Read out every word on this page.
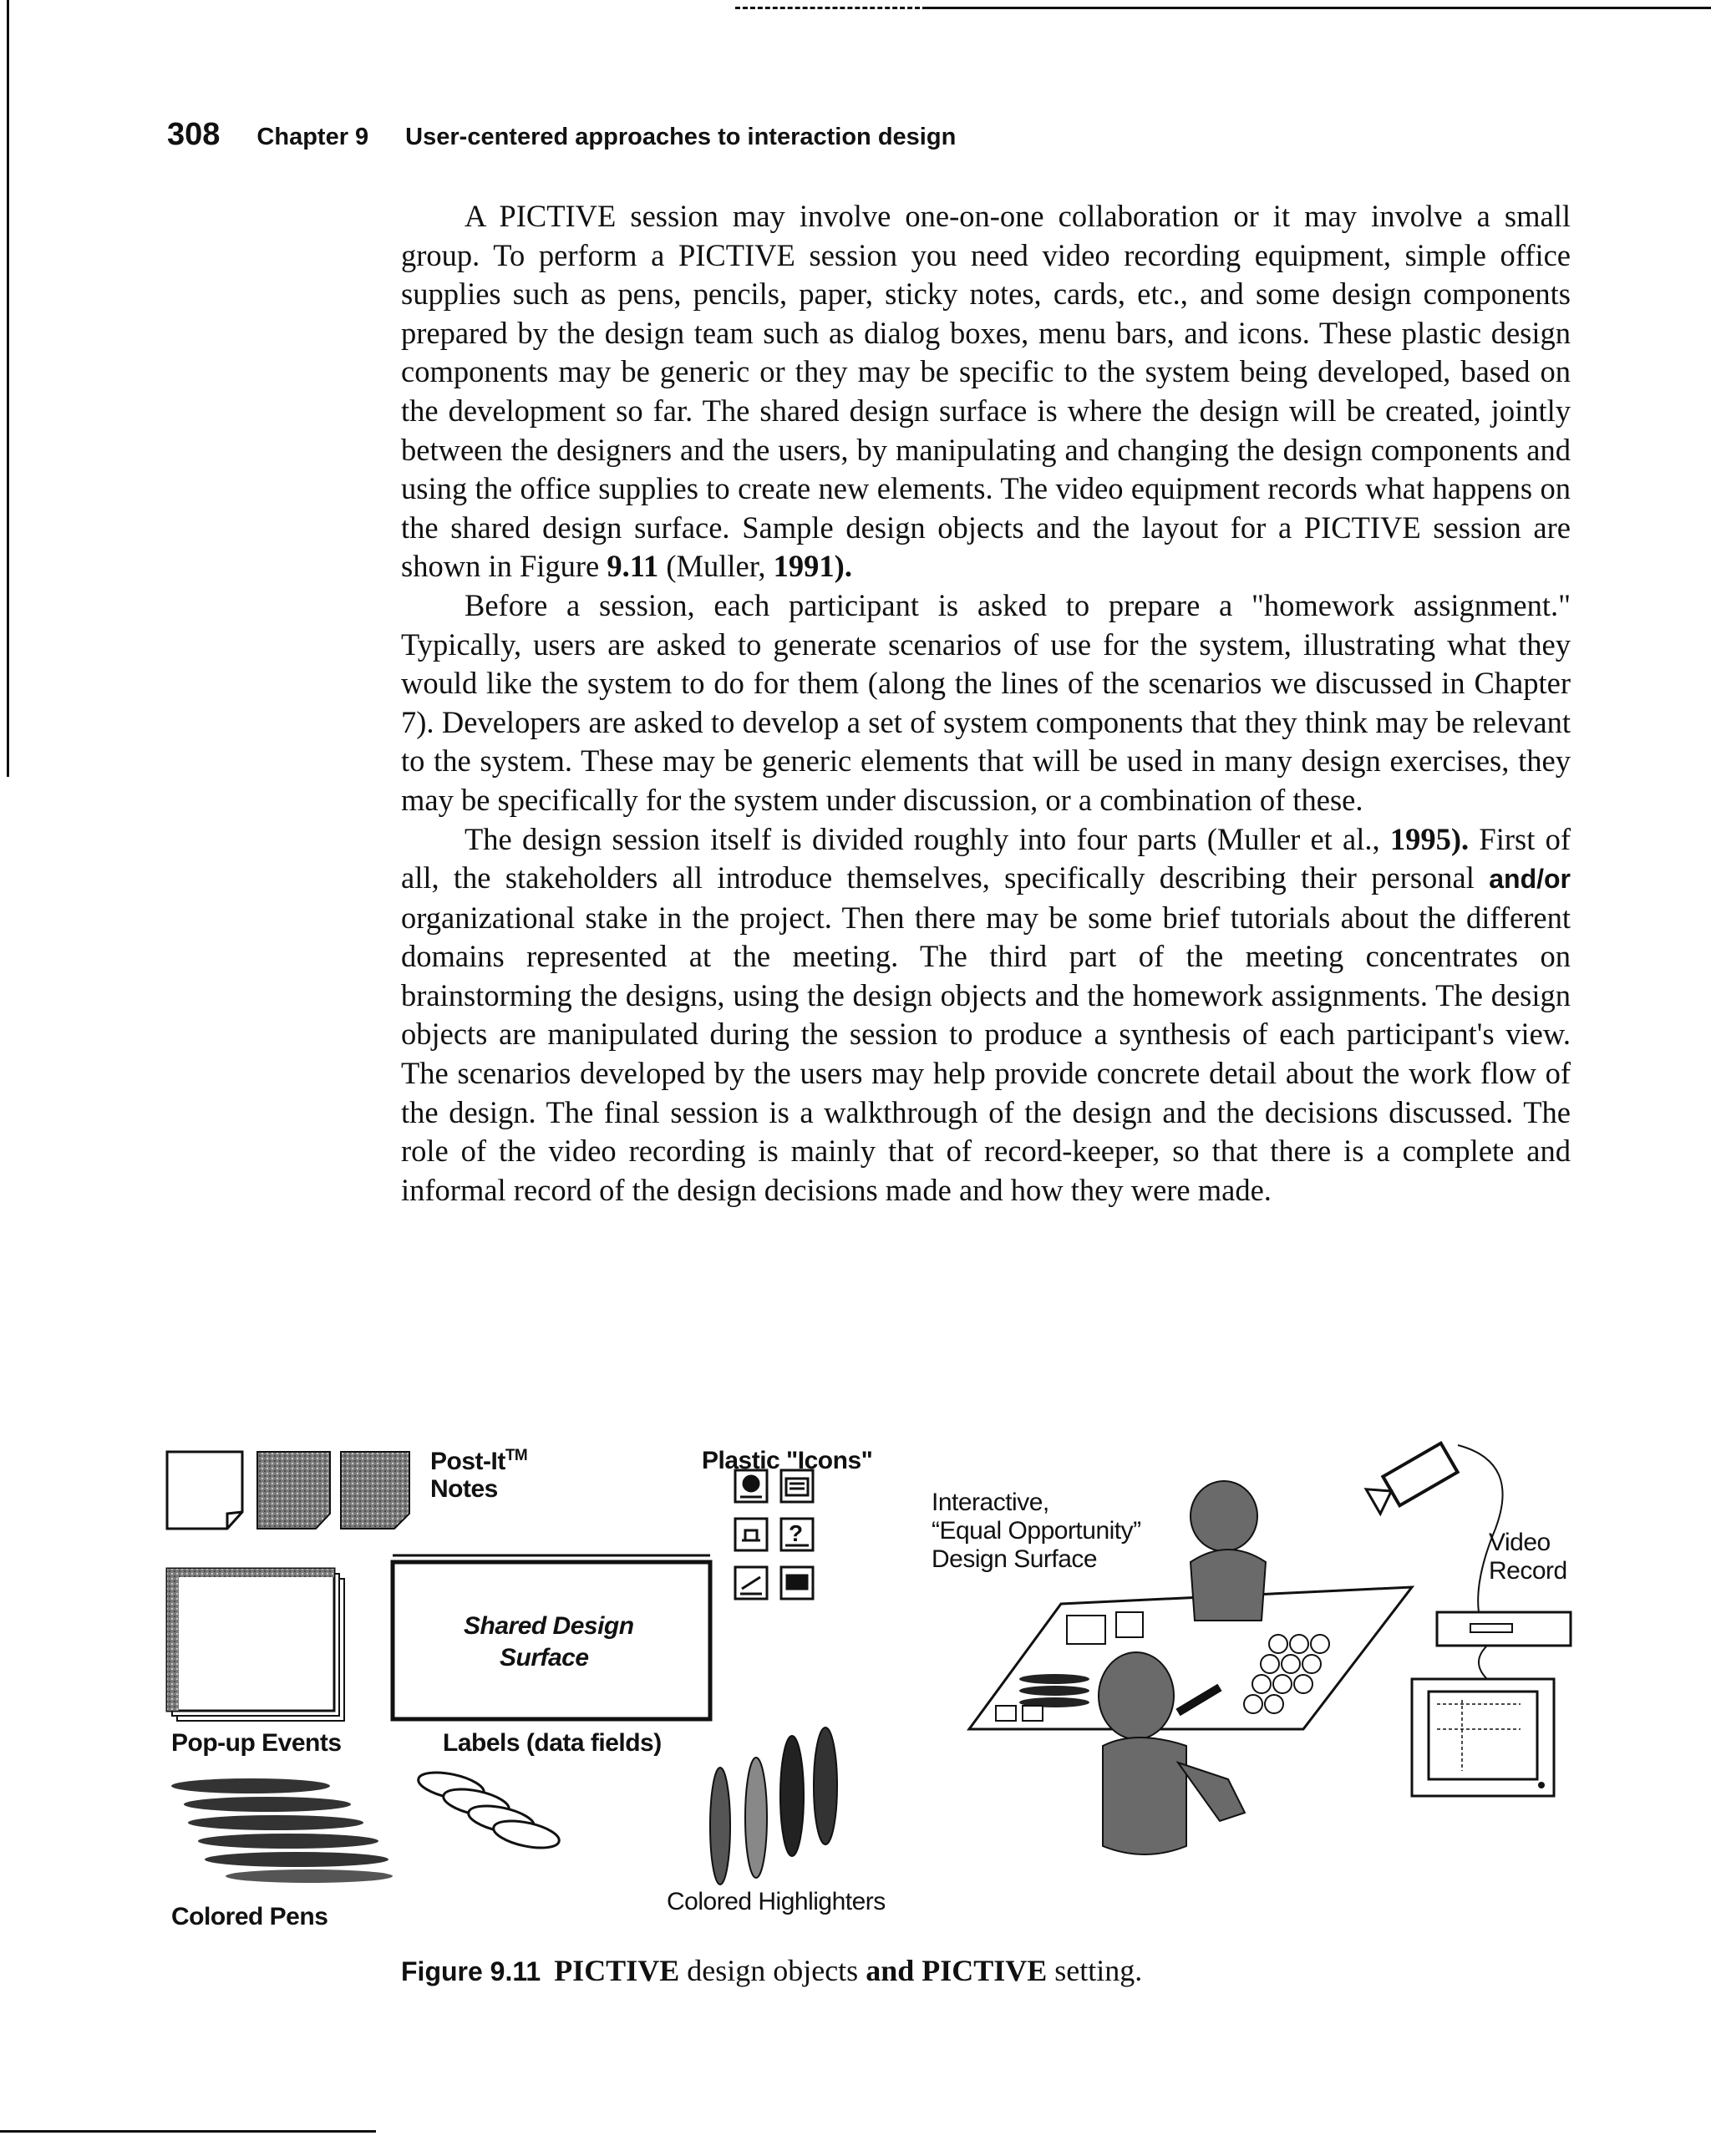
308 Chapter 9 User-centered approaches to interaction design

A PICTIVE session may involve one-on-one collaboration or it may involve a small group. To perform a PICTIVE session you need video recording equipment, simple office supplies such as pens, pencils, paper, sticky notes, cards, etc., and some design components prepared by the design team such as dialog boxes, menu bars, and icons. These plastic design components may be generic or they may be specific to the system being developed, based on the development so far. The shared design surface is where the design will be created, jointly between the designers and the users, by manipulating and changing the design components and using the office supplies to create new elements. The video equipment records what happens on the shared design surface. Sample design objects and the layout for a PICTIVE session are shown in Figure 9.11 (Muller, 1991).

Before a session, each participant is asked to prepare a "homework assignment." Typically, users are asked to generate scenarios of use for the system, illustrating what they would like the system to do for them (along the lines of the scenarios we discussed in Chapter 7). Developers are asked to develop a set of system components that they think may be relevant to the system. These may be generic elements that will be used in many design exercises, they may be specifically for the system under discussion, or a combination of these.

The design session itself is divided roughly into four parts (Muller et al., 1995). First of all, the stakeholders all introduce themselves, specifically describing their personal and/or organizational stake in the project. Then there may be some brief tutorials about the different domains represented at the meeting. The third part of the meeting concentrates on brainstorming the designs, using the design objects and the homework assignments. The design objects are manipulated during the session to produce a synthesis of each participant's view. The scenarios developed by the users may help provide concrete detail about the work flow of the design. The final session is a walkthrough of the design and the decisions discussed. The role of the video recording is mainly that of record-keeper, so that there is a complete and informal record of the design decisions made and how they were made.

Post-It™
Notes
Plastic "Icons"
Shared Design
Surface
Pop-up Events	Labels (data fields)
Colored Pens
Colored Highlighters
Interactive,
“Equal Opportunity”
Design Surface
Video
Record
?
Figure 9.11 PICTIVE design objects and PICTIVE setting.
